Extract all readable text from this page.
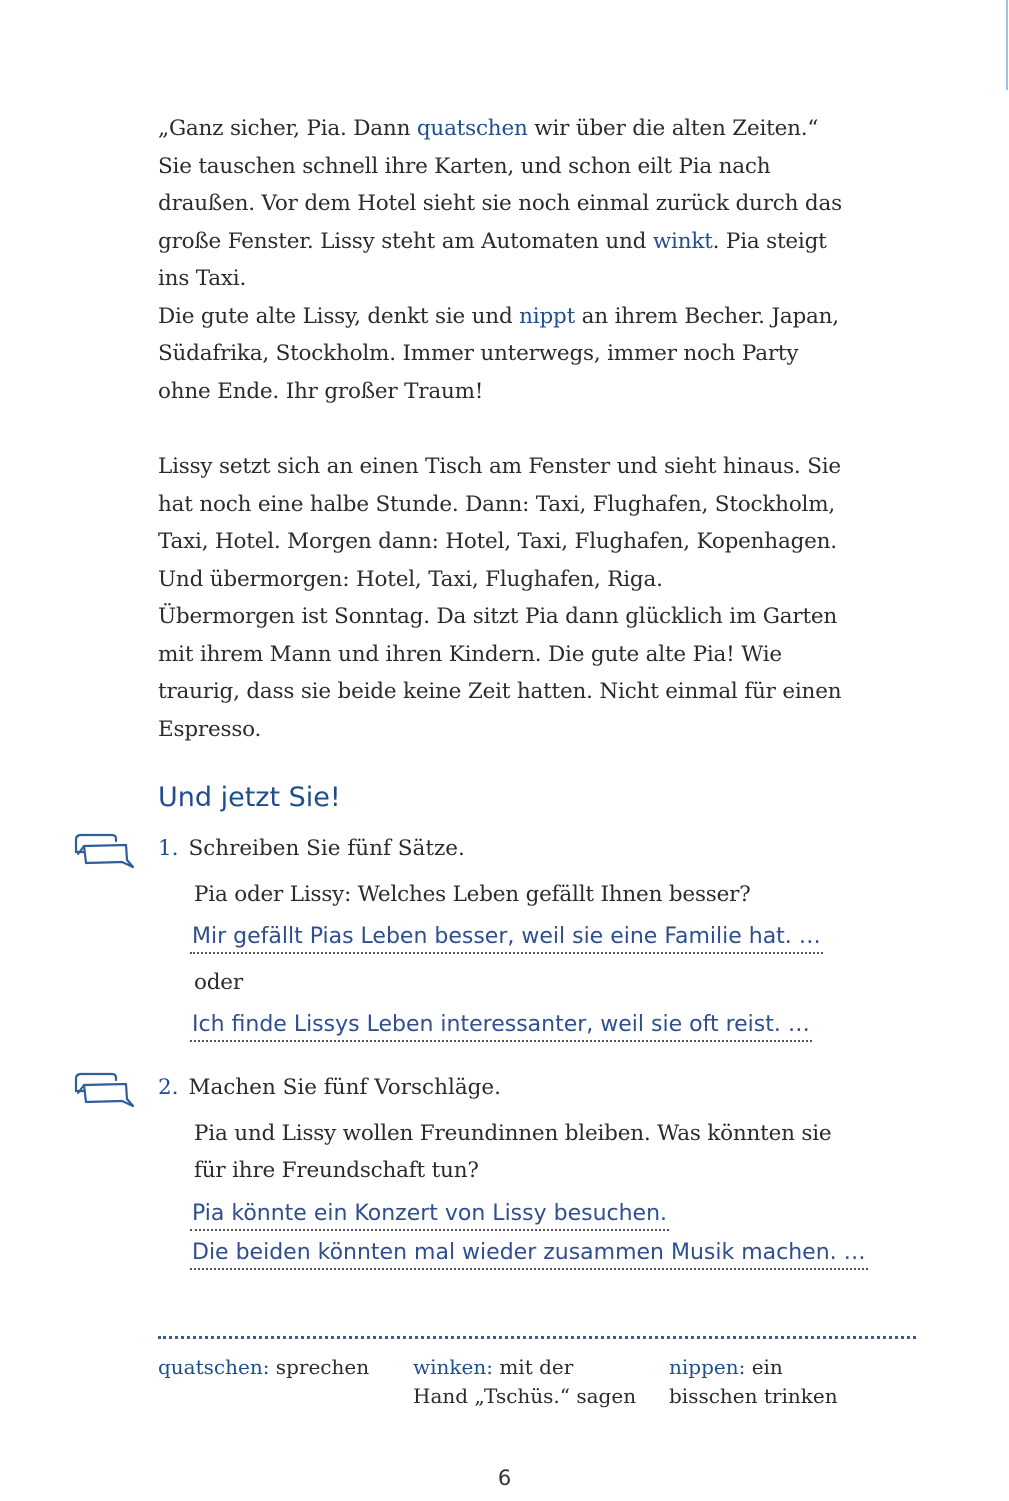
„Ganz sicher, Pia. Dann quatschen wir über die alten Zeiten.“

Sie tauschen schnell ihre Karten, und schon eilt Pia nach

draußen. Vor dem Hotel sieht sie noch einmal zurück durch das

große Fenster. Lissy steht am Automaten und winkt. Pia steigt

ins Taxi.

Die gute alte Lissy, denkt sie und nippt an ihrem Becher. Japan,

Südafrika, Stockholm. Immer unterwegs, immer noch Party

ohne Ende. Ihr großer Traum!

Lissy setzt sich an einen Tisch am Fenster und sieht hinaus. Sie

hat noch eine halbe Stunde. Dann: Taxi, Flughafen, Stockholm,

Taxi, Hotel. Morgen dann: Hotel, Taxi, Flughafen, Kopenhagen.

Und übermorgen: Hotel, Taxi, Flughafen, Riga.

Übermorgen ist Sonntag. Da sitzt Pia dann glücklich im Garten

mit ihrem Mann und ihren Kindern. Die gute alte Pia! Wie

traurig, dass sie beide keine Zeit hatten. Nicht einmal für einen

Espresso.

Und jetzt Sie!

1. Schreiben Sie fünf Sätze.

Pia oder Lissy: Welches Leben gefällt Ihnen besser?

Mir gefällt Pias Leben besser, weil sie eine Familie hat. …

oder

Ich finde Lissys Leben interessanter, weil sie oft reist. …

2. Machen Sie fünf Vorschläge.

Pia und Lissy wollen Freundinnen bleiben. Was könnten sie

für ihre Freundschaft tun?

Pia könnte ein Konzert von Lissy besuchen.
Die beiden könnten mal wieder zusammen Musik machen. …
quatschen: sprechen winken: mit der
Hand „Tschüs.“ sagen
nippen: ein
bisschen trinken
6
